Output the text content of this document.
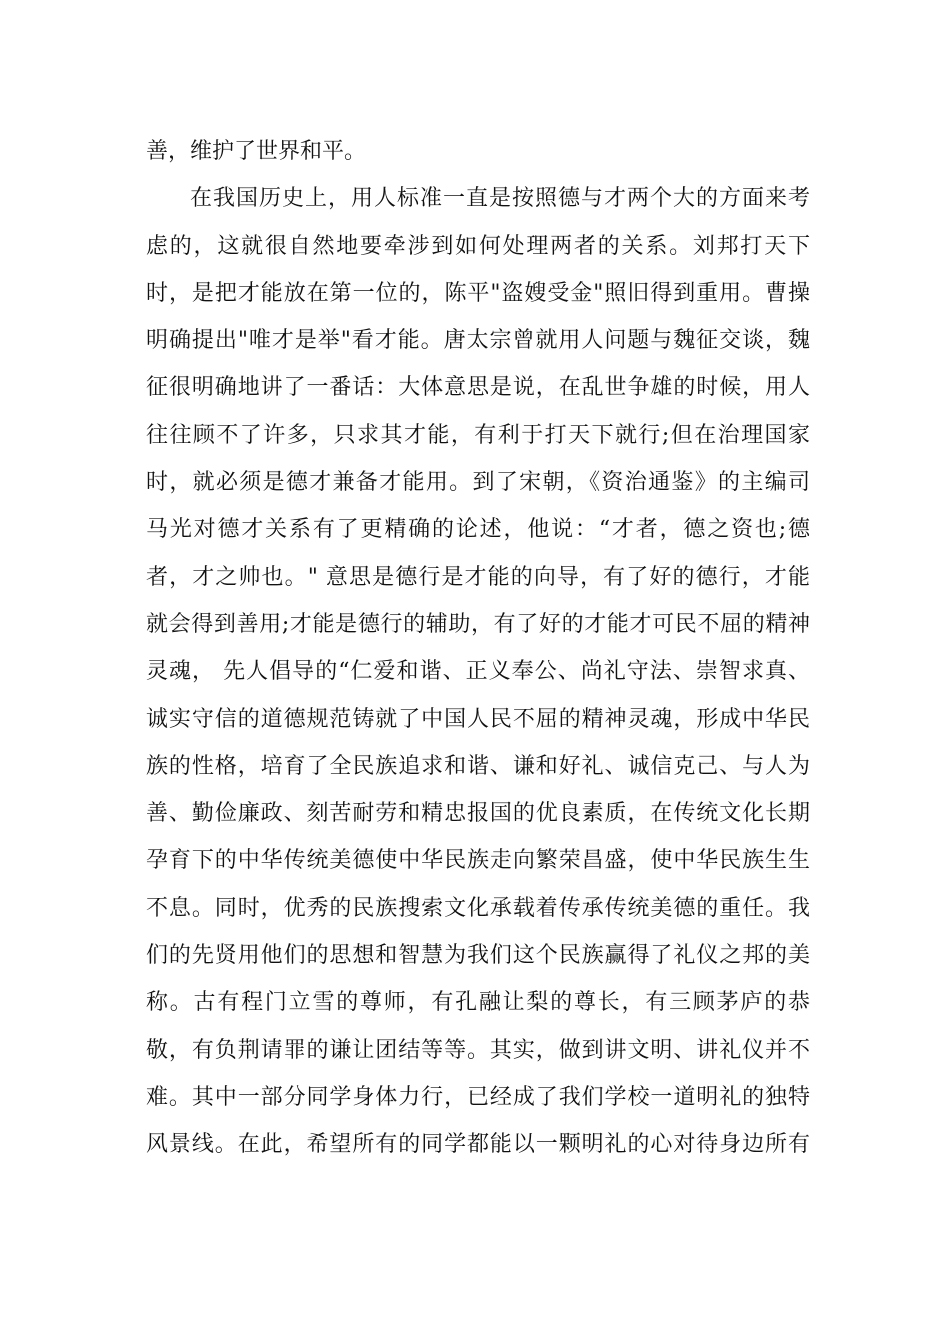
善，维护了世界和平。
在我国历史上，用人标准一直是按照德与才两个大的方面来考
虑的，这就很自然地要牵涉到如何处理两者的关系。刘邦打天下
时，是把才能放在第一位的，陈平"盗嫂受金"照旧得到重用。曹操
明确提出"唯才是举"看才能。唐太宗曾就用人问题与魏征交谈，魏
征很明确地讲了一番话：大体意思是说，在乱世争雄的时候，用人
往往顾不了许多，只求其才能，有利于打天下就行;但在治理国家
时，就必须是德才兼备才能用。到了宋朝，《资治通鉴》的主编司
马光对德才关系有了更精确的论述，他说：“才者，德之资也;德
者，才之帅也。" 意思是德行是才能的向导，有了好的德行，才能
就会得到善用;才能是德行的辅助，有了好的才能才可民不屈的精神
灵魂， 先人倡导的“仁爱和谐、正义奉公、尚礼守法、崇智求真、
诚实守信的道德规范铸就了中国人民不屈的精神灵魂，形成中华民
族的性格，培育了全民族追求和谐、谦和好礼、诚信克己、与人为
善、勤俭廉政、刻苦耐劳和精忠报国的优良素质，在传统文化长期
孕育下的中华传统美德使中华民族走向繁荣昌盛，使中华民族生生
不息。同时，优秀的民族搜索文化承载着传承传统美德的重任。我
们的先贤用他们的思想和智慧为我们这个民族赢得了礼仪之邦的美
称。古有程门立雪的尊师，有孔融让梨的尊长，有三顾茅庐的恭
敬，有负荆请罪的谦让团结等等。其实，做到讲文明、讲礼仪并不
难。其中一部分同学身体力行，已经成了我们学校一道明礼的独特
风景线。在此，希望所有的同学都能以一颗明礼的心对待身边所有
